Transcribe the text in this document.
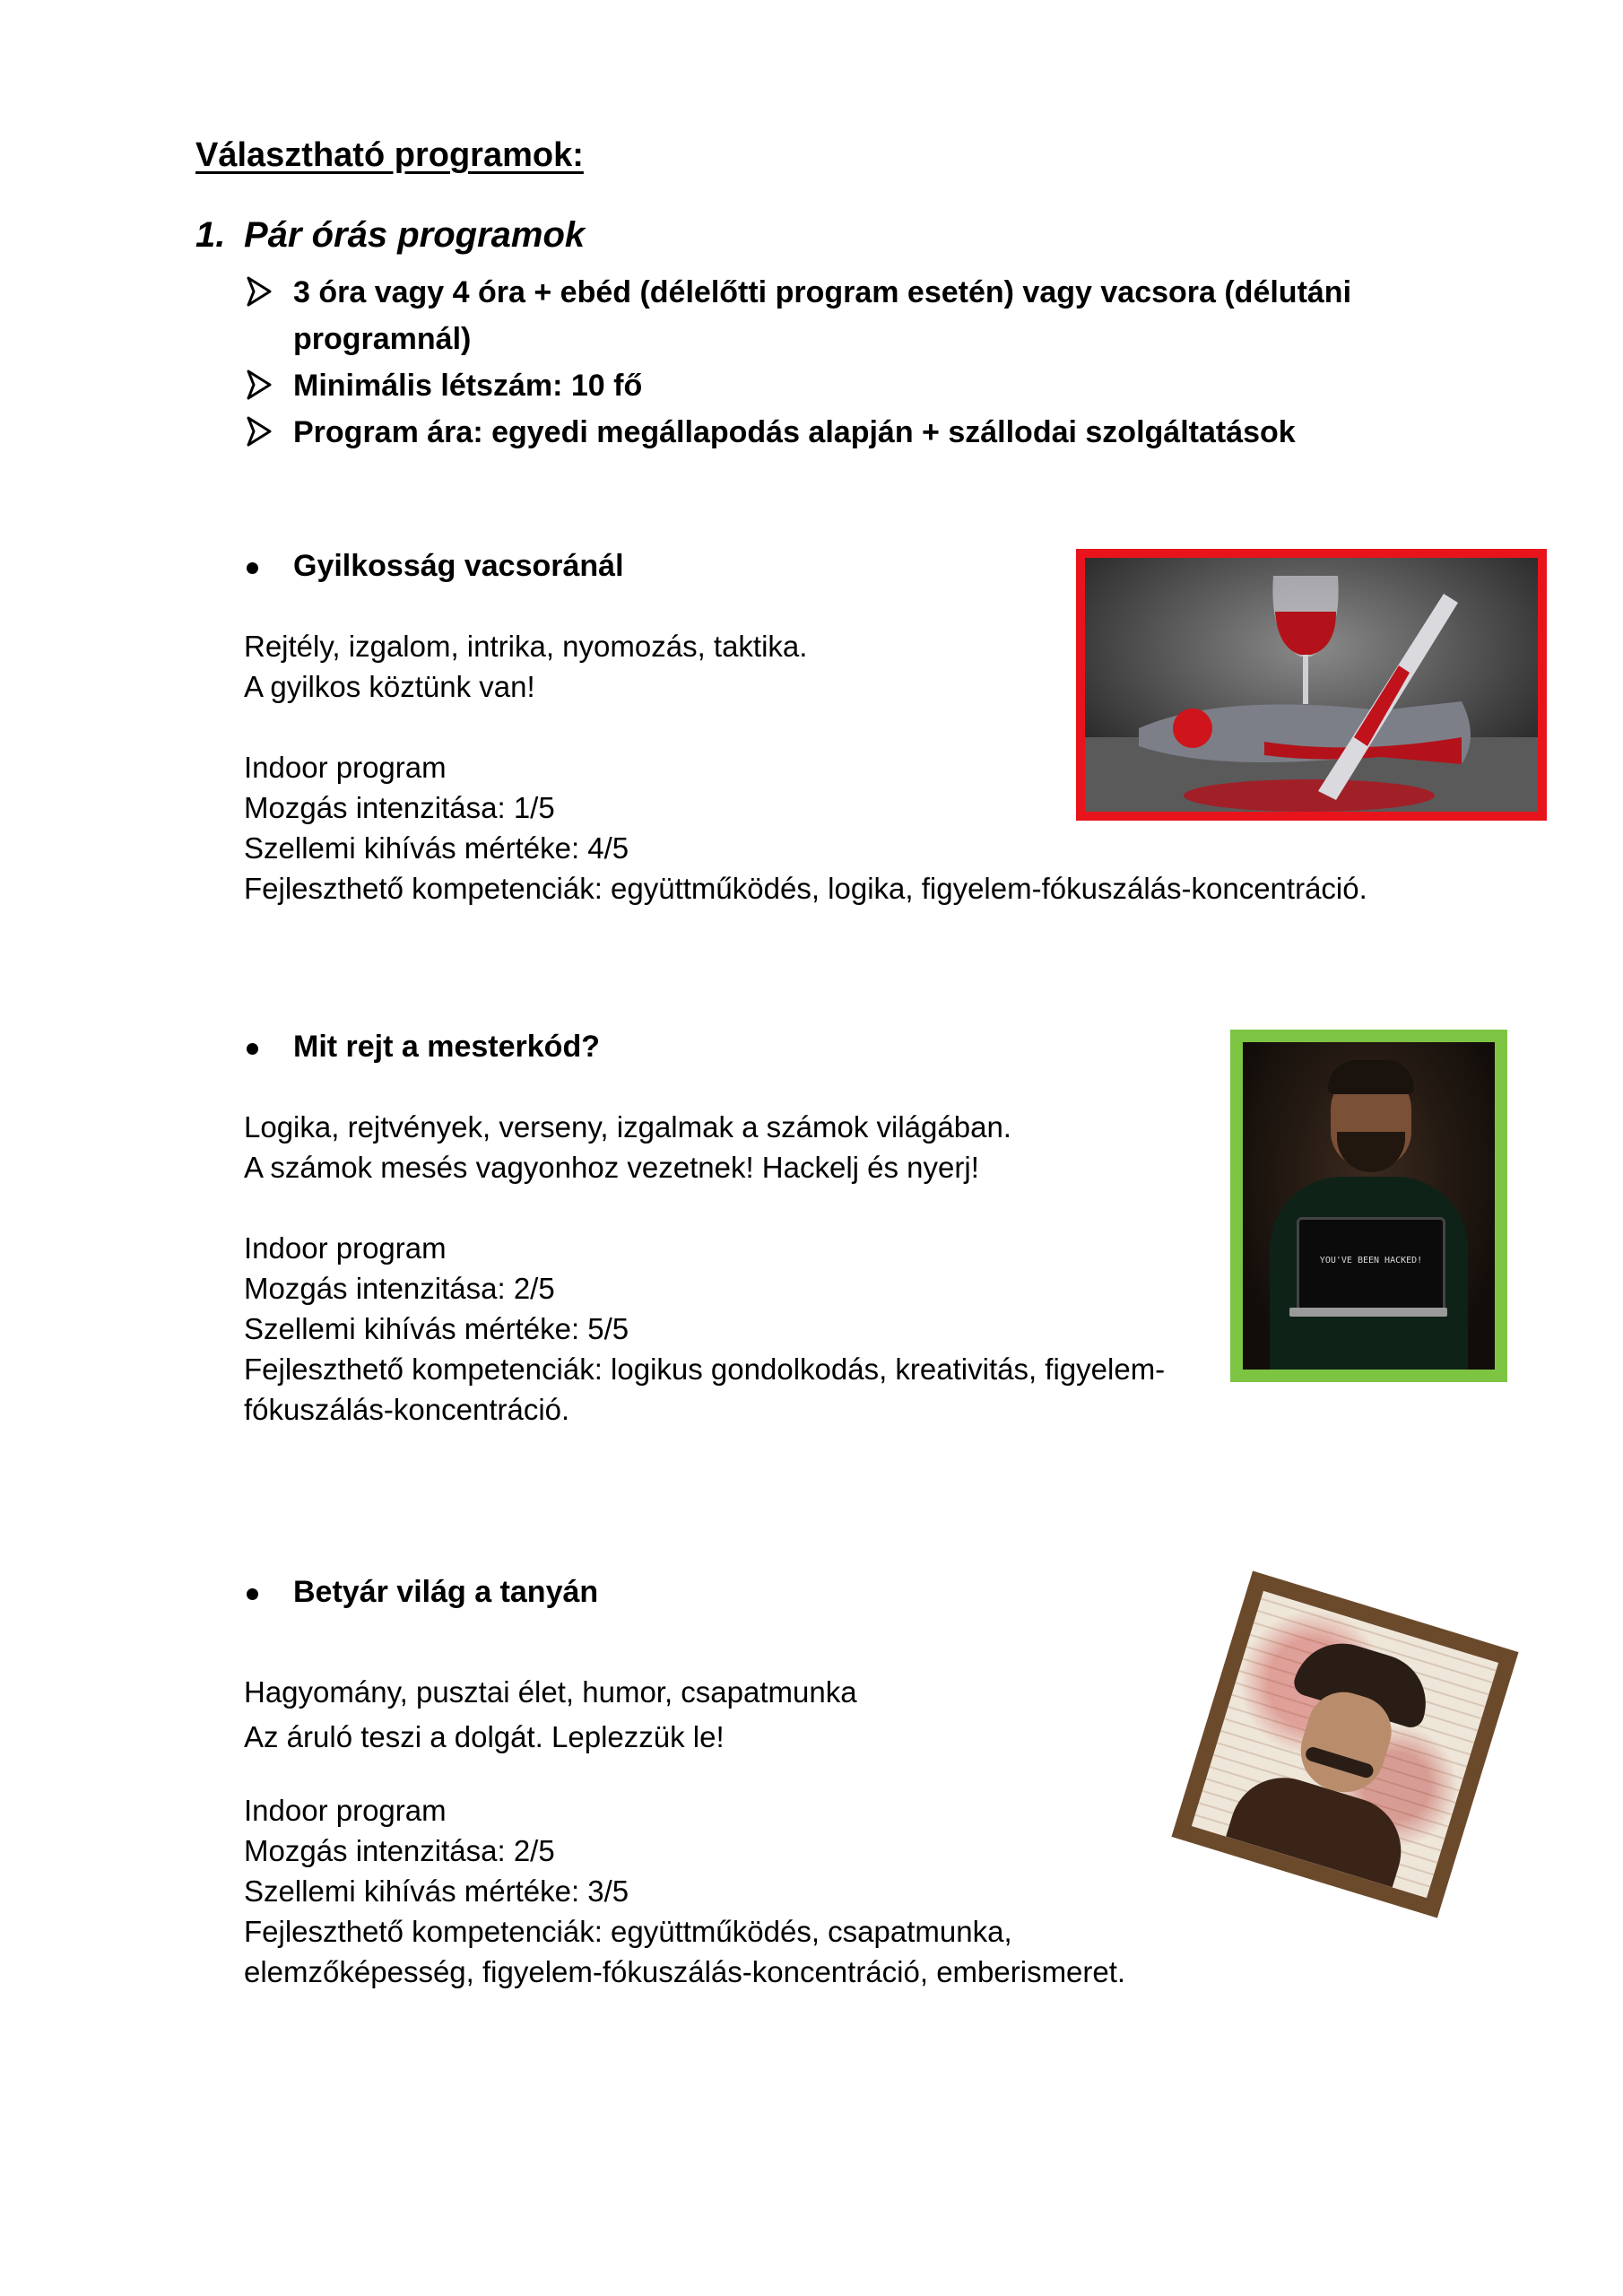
Választható programok:
1. Pár órás programok
3 óra vagy 4 óra + ebéd (délelőtti program esetén) vagy vacsora (délutáni
programnál)
Minimális létszám: 10 fő
Program ára: egyedi megállapodás alapján + szállodai szolgáltatások
Gyilkosság vacsoránál
Rejtély, izgalom, intrika, nyomozás, taktika.
A gyilkos köztünk van!
Indoor program
Mozgás intenzitása: 1/5
Szellemi kihívás mértéke: 4/5
Fejleszthető kompetenciák: együttműködés, logika, figyelem-fókuszálás-koncentráció.
Mit rejt a mesterkód?
Logika, rejtvények, verseny, izgalmak a számok világában.
A számok mesés vagyonhoz vezetnek! Hackelj és nyerj!
Indoor program
Mozgás intenzitása: 2/5
Szellemi kihívás mértéke: 5/5
Fejleszthető kompetenciák: logikus gondolkodás, kreativitás, figyelem-
fókuszálás-koncentráció.
YOU'VE BEEN HACKED!
Betyár világ a tanyán
Hagyomány, pusztai élet, humor, csapatmunka
Az áruló teszi a dolgát. Leplezzük le!
Indoor program
Mozgás intenzitása: 2/5
Szellemi kihívás mértéke: 3/5
Fejleszthető kompetenciák: együttműködés, csapatmunka,
elemzőképesség, figyelem-fókuszálás-koncentráció, emberismeret.
